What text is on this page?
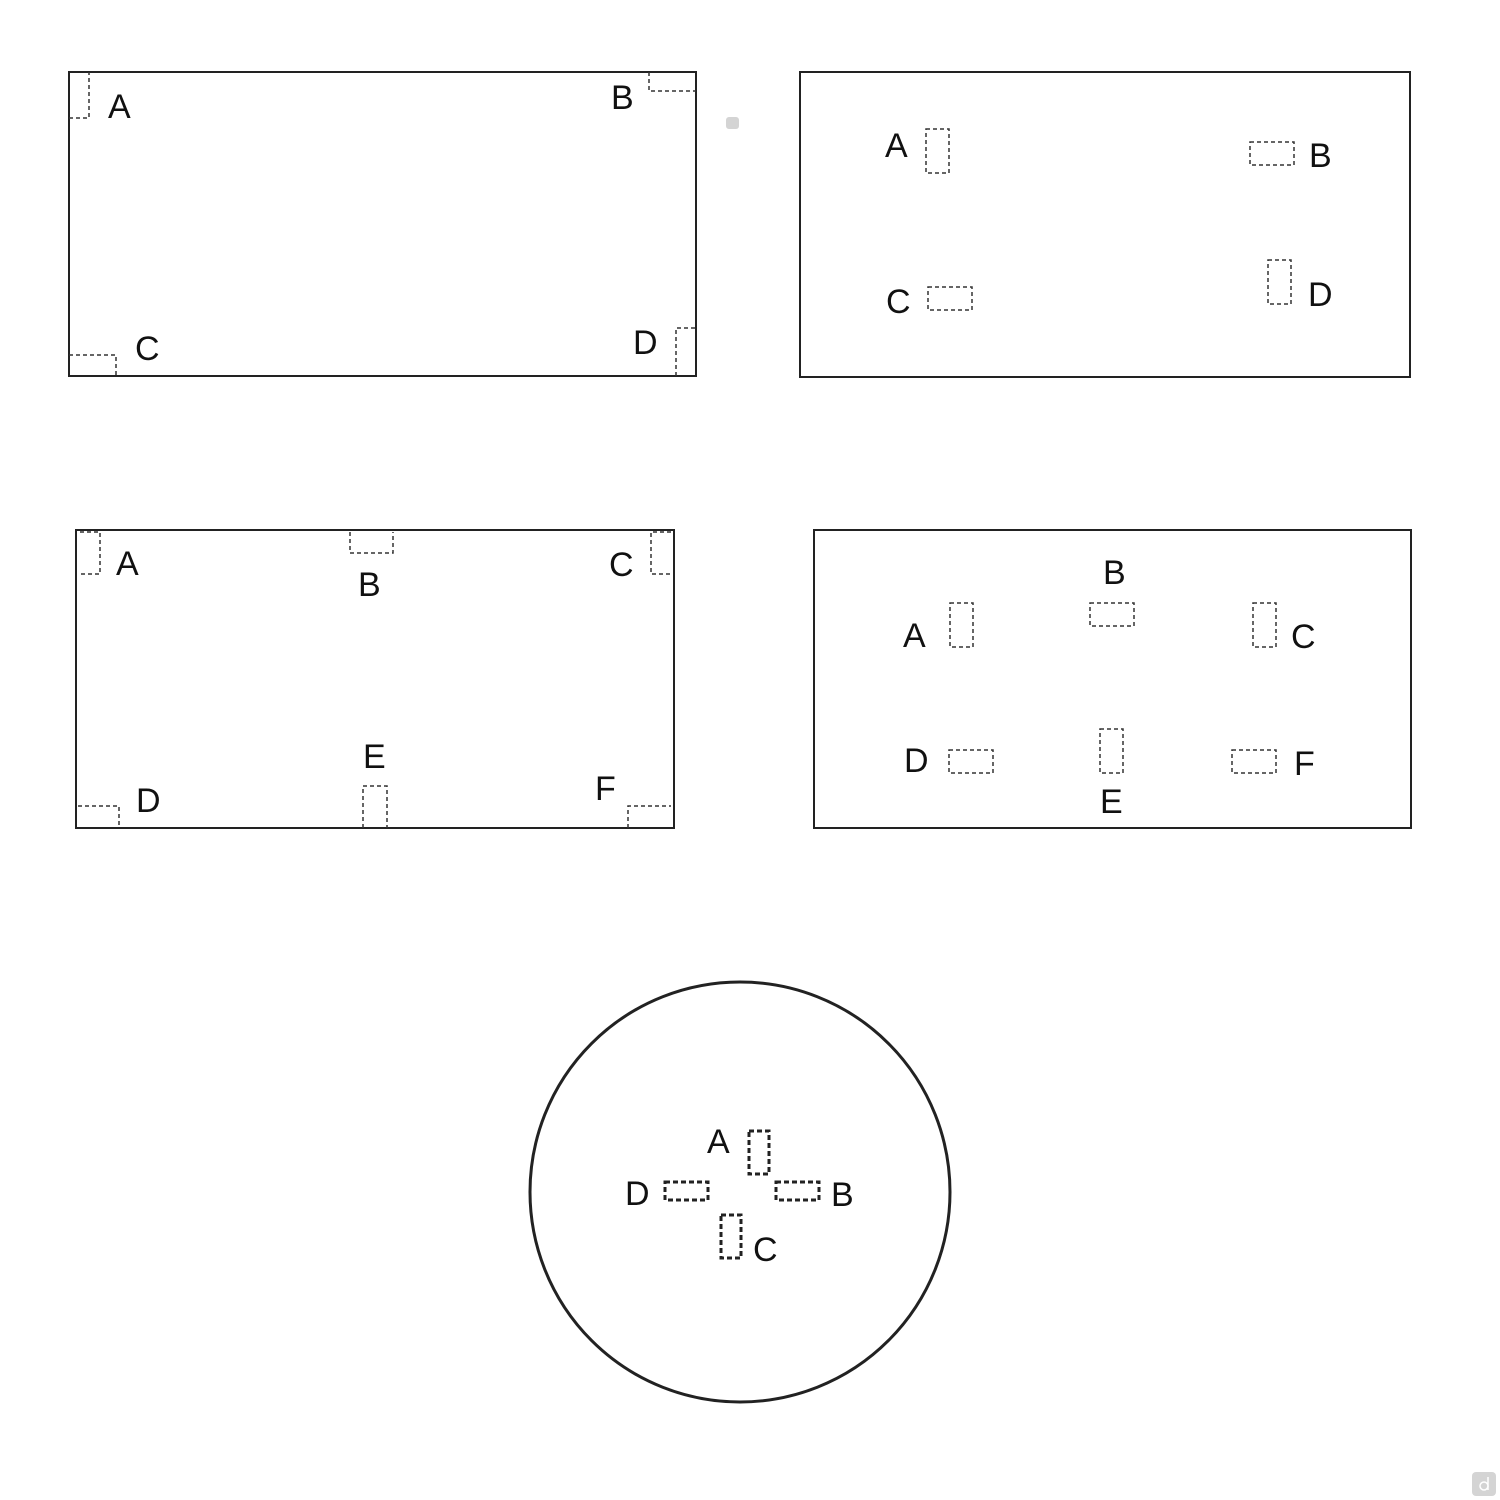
A	B
C	D
A	B
C	D
A
B
C
D
E
F
A
B
C
D
E
F
A
B
C
D
